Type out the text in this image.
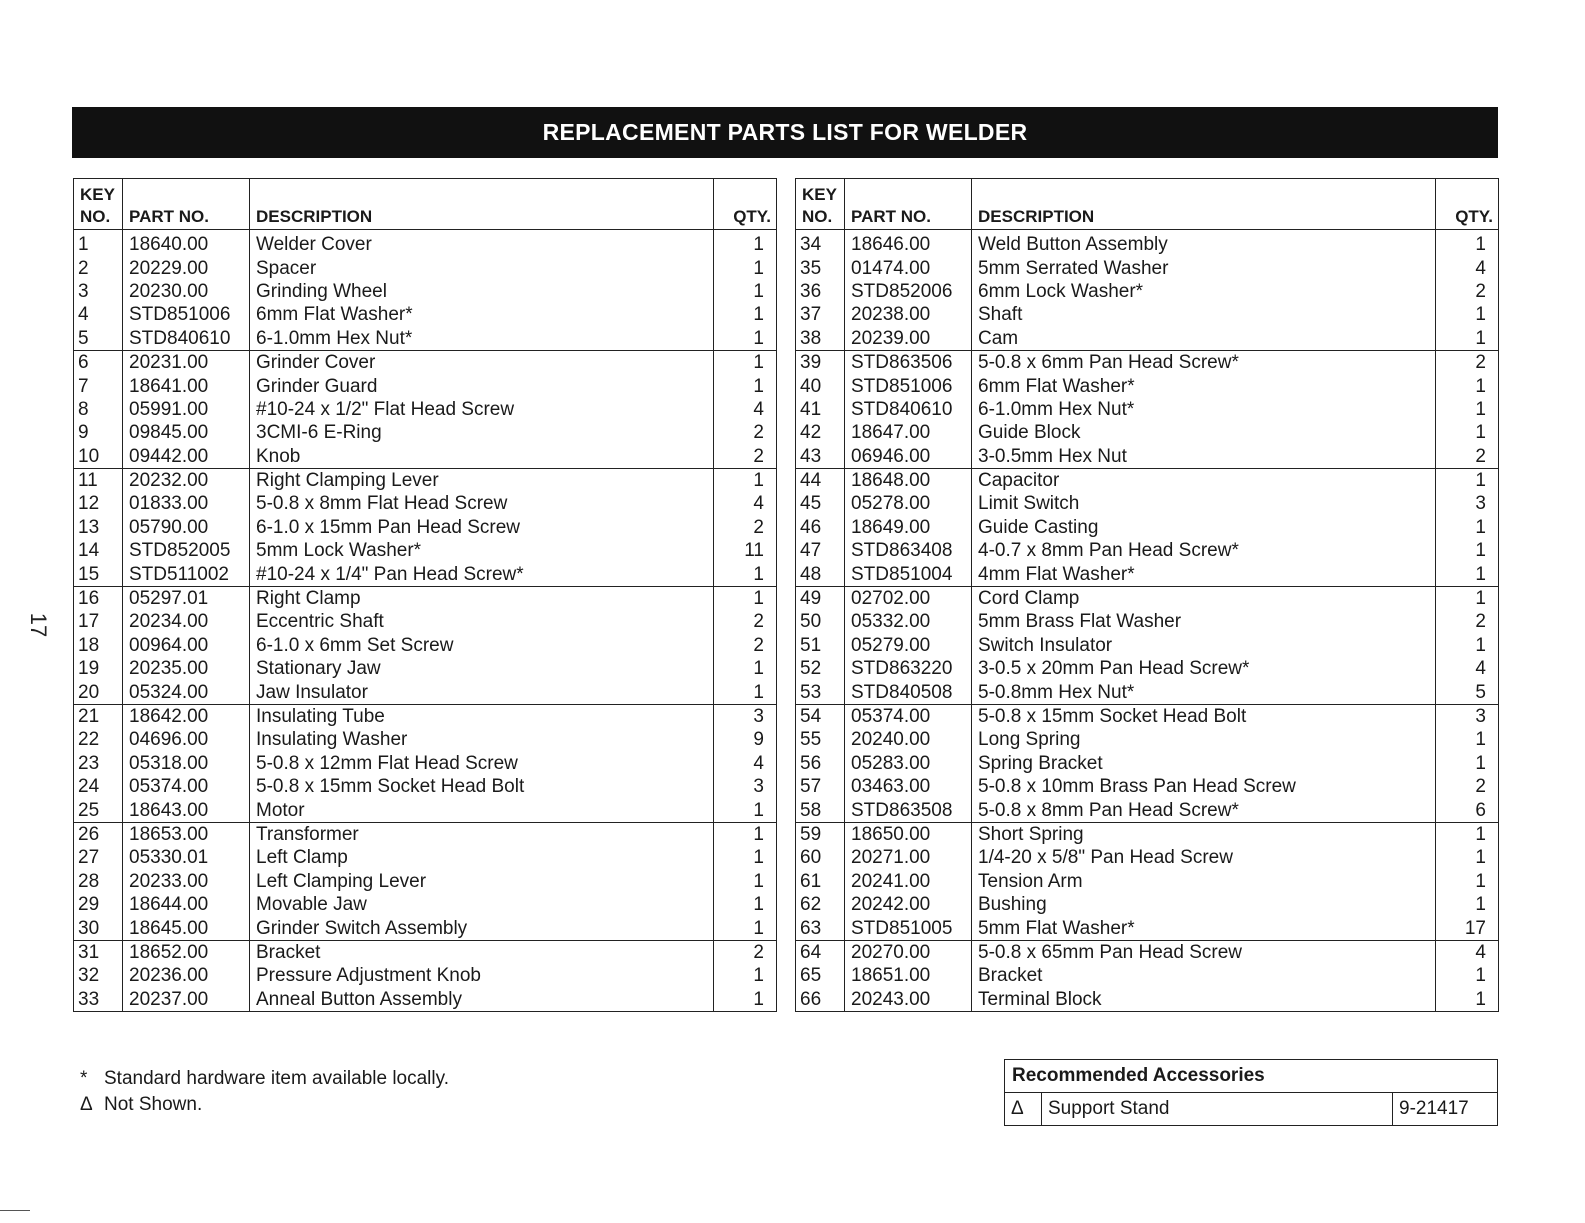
REPLACEMENT PARTS LIST FOR WELDER
17
KEY
NO.	PART NO.	DESCRIPTION	QTY.
1	18640.00	Welder Cover	1
2	20229.00	Spacer	1
3	20230.00	Grinding Wheel	1
4	STD851006	6mm Flat Washer*	1
5	STD840610	6-1.0mm Hex Nut*	1
6	20231.00	Grinder Cover	1
7	18641.00	Grinder Guard	1
8	05991.00	#10-24 x 1/2" Flat Head Screw	4
9	09845.00	3CMI-6 E-Ring	2
10	09442.00	Knob	2
11	20232.00	Right Clamping Lever	1
12	01833.00	5-0.8 x 8mm Flat Head Screw	4
13	05790.00	6-1.0 x 15mm Pan Head Screw	2
14	STD852005	5mm Lock Washer*	11
15	STD511002	#10-24 x 1/4" Pan Head Screw*	1
16	05297.01	Right Clamp	1
17	20234.00	Eccentric Shaft	2
18	00964.00	6-1.0 x 6mm Set Screw	2
19	20235.00	Stationary Jaw	1
20	05324.00	Jaw Insulator	1
21	18642.00	Insulating Tube	3
22	04696.00	Insulating Washer	9
23	05318.00	5-0.8 x 12mm Flat Head Screw	4
24	05374.00	5-0.8 x 15mm Socket Head Bolt	3
25	18643.00	Motor	1
26	18653.00	Transformer	1
27	05330.01	Left Clamp	1
28	20233.00	Left Clamping Lever	1
29	18644.00	Movable Jaw	1
30	18645.00	Grinder Switch Assembly	1
31	18652.00	Bracket	2
32	20236.00	Pressure Adjustment Knob	1
33	20237.00	Anneal Button Assembly	1
KEY
NO.	PART NO.	DESCRIPTION	QTY.
34	18646.00	Weld Button Assembly	1
35	01474.00	5mm Serrated Washer	4
36	STD852006	6mm Lock Washer*	2
37	20238.00	Shaft	1
38	20239.00	Cam	1
39	STD863506	5-0.8 x 6mm Pan Head Screw*	2
40	STD851006	6mm Flat Washer*	1
41	STD840610	6-1.0mm Hex Nut*	1
42	18647.00	Guide Block	1
43	06946.00	3-0.5mm Hex Nut	2
44	18648.00	Capacitor	1
45	05278.00	Limit Switch	3
46	18649.00	Guide Casting	1
47	STD863408	4-0.7 x 8mm Pan Head Screw*	1
48	STD851004	4mm Flat Washer*	1
49	02702.00	Cord Clamp	1
50	05332.00	5mm Brass Flat Washer	2
51	05279.00	Switch Insulator	1
52	STD863220	3-0.5 x 20mm Pan Head Screw*	4
53	STD840508	5-0.8mm Hex Nut*	5
54	05374.00	5-0.8 x 15mm Socket Head Bolt	3
55	20240.00	Long Spring	1
56	05283.00	Spring Bracket	1
57	03463.00	5-0.8 x 10mm Brass Pan Head Screw	2
58	STD863508	5-0.8 x 8mm Pan Head Screw*	6
59	18650.00	Short Spring	1
60	20271.00	1/4-20 x 5/8" Pan Head Screw	1
61	20241.00	Tension Arm	1
62	20242.00	Bushing	1
63	STD851005	5mm Flat Washer*	17
64	20270.00	5-0.8 x 65mm Pan Head Screw	4
65	18651.00	Bracket	1
66	20243.00	Terminal Block	1
* Standard hardware item available locally.
Δ Not Shown.
Recommended Accessories
Δ	Support Stand	9-21417
